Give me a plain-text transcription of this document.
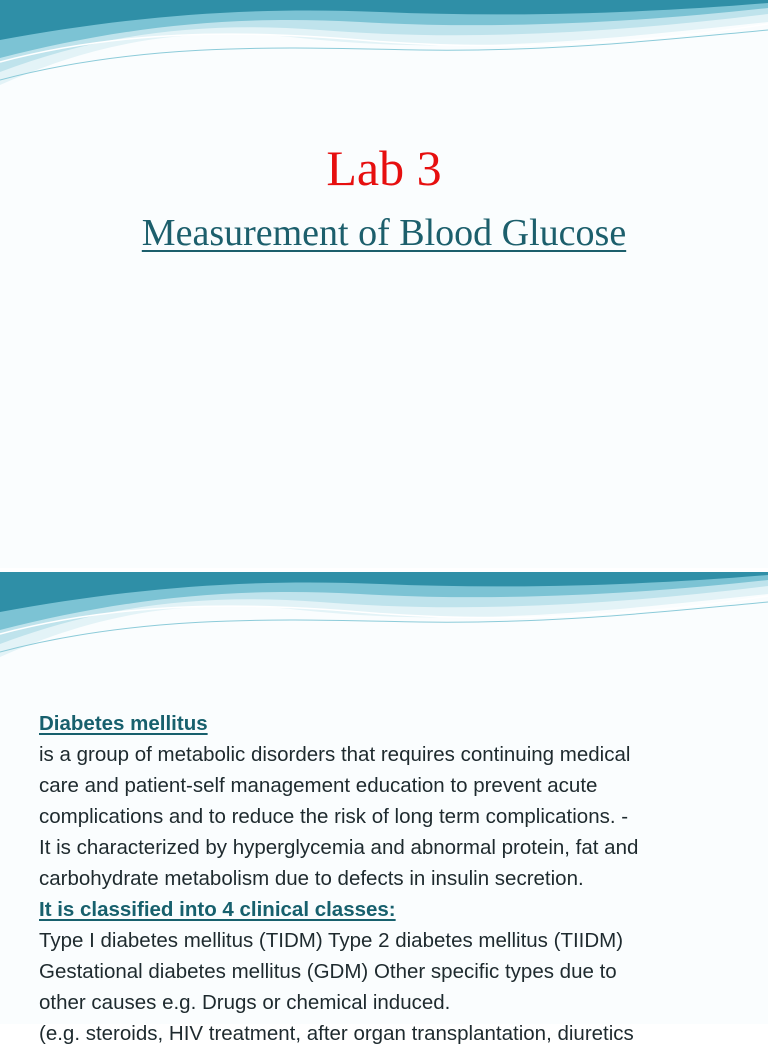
Lab 3
Measurement of Blood Glucose

Diabetes mellitus

is a group of metabolic disorders that requires continuing medical

care and patient-self management education to prevent acute

complications and to reduce the risk of long term complications. -

It is characterized by hyperglycemia and abnormal protein, fat and

carbohydrate metabolism due to defects in insulin secretion.

It is classified into 4 clinical classes:

Type I diabetes mellitus (TIDM) Type 2 diabetes mellitus (TIIDM)

Gestational diabetes mellitus (GDM) Other specific types due to

other causes e.g. Drugs or chemical induced.

(e.g. steroids, HIV treatment, after organ transplantation, diuretics
